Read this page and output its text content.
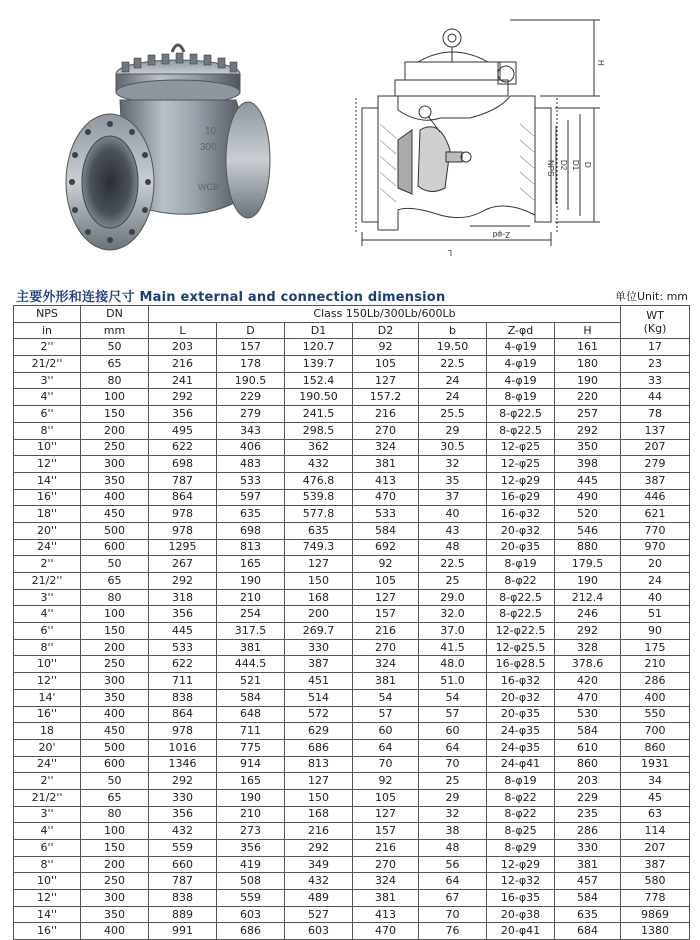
10
300
WCB
H
NPS D2 D1 D
L
Z-φd
主要外形和连接尺寸 Main external and connection dimension	单位Unit: mm
NPS	DN	Class 150Lb/300Lb/600Lb							WT
(Kg)
in	mm	L	D	D1	D2	b	Z-φd	H	
2''	50	203	157	120.7	92	19.50	4-φ19	161	17
21/2''	65	216	178	139.7	105	22.5	4-φ19	180	23
3''	80	241	190.5	152.4	127	24	4-φ19	190	33
4''	100	292	229	190.50	157.2	24	8-φ19	220	44
6''	150	356	279	241.5	216	25.5	8-φ22.5	257	78
8''	200	495	343	298.5	270	29	8-φ22.5	292	137
10''	250	622	406	362	324	30.5	12-φ25	350	207
12''	300	698	483	432	381	32	12-φ25	398	279
14''	350	787	533	476.8	413	35	12-φ29	445	387
16''	400	864	597	539.8	470	37	16-φ29	490	446
18''	450	978	635	577.8	533	40	16-φ32	520	621
20''	500	978	698	635	584	43	20-φ32	546	770
24''	600	1295	813	749.3	692	48	20-φ35	880	970
2''	50	267	165	127	92	22.5	8-φ19	179.5	20
21/2''	65	292	190	150	105	25	8-φ22	190	24
3''	80	318	210	168	127	29.0	8-φ22.5	212.4	40
4''	100	356	254	200	157	32.0	8-φ22.5	246	51
6''	150	445	317.5	269.7	216	37.0	12-φ22.5	292	90
8''	200	533	381	330	270	41.5	12-φ25.5	328	175
10''	250	622	444.5	387	324	48.0	16-φ28.5	378.6	210
12''	300	711	521	451	381	51.0	16-φ32	420	286
14'	350	838	584	514	54	54	20-φ32	470	400
16''	400	864	648	572	57	57	20-φ35	530	550
18	450	978	711	629	60	60	24-φ35	584	700
20'	500	1016	775	686	64	64	24-φ35	610	860
24''	600	1346	914	813	70	70	24-φ41	860	1931
2''	50	292	165	127	92	25	8-φ19	203	34
21/2''	65	330	190	150	105	29	8-φ22	229	45
3''	80	356	210	168	127	32	8-φ22	235	63
4''	100	432	273	216	157	38	8-φ25	286	114
6''	150	559	356	292	216	48	8-φ29	330	207
8''	200	660	419	349	270	56	12-φ29	381	387
10''	250	787	508	432	324	64	12-φ32	457	580
12''	300	838	559	489	381	67	16-φ35	584	778
14''	350	889	603	527	413	70	20-φ38	635	9869
16''	400	991	686	603	470	76	20-φ41	684	1380
